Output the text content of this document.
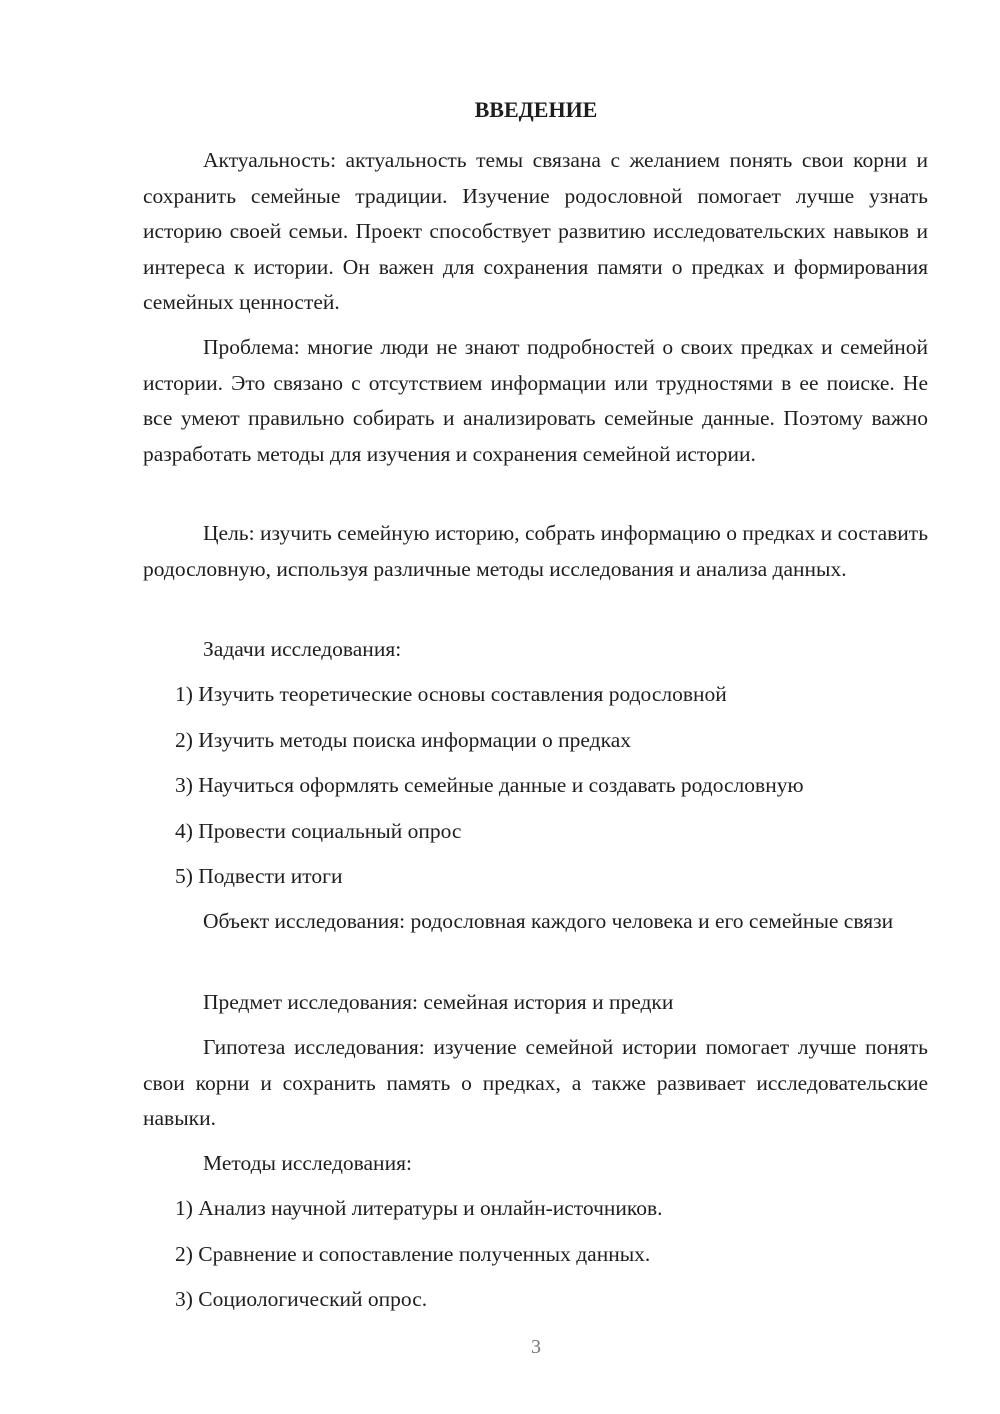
ВВЕДЕНИЕ

Актуальность: актуальность темы связана с желанием понять свои корни и сохранить семейные традиции. Изучение родословной помогает лучше узнать историю своей семьи. Проект способствует развитию исследовательских навыков и интереса к истории. Он важен для сохранения памяти о предках и формирования семейных ценностей.

Проблема: многие люди не знают подробностей о своих предках и семейной истории. Это связано с отсутствием информации или трудностями в ее поиске. Не все умеют правильно собирать и анализировать семейные данные. Поэтому важно разработать методы для изучения и сохранения семейной истории.

Цель: изучить семейную историю, собрать информацию о предках и составить родословную, используя различные методы исследования и анализа данных.

Задачи исследования:
1) Изучить теоретические основы составления родословной
2) Изучить методы поиска информации о предках
3) Научиться оформлять семейные данные и создавать родословную
4) Провести социальный опрос
5) Подвести итоги

Объект исследования: родословная каждого человека и его семейные связи

Предмет исследования: семейная история и предки

Гипотеза исследования: изучение семейной истории помогает лучше понять свои корни и сохранить память о предках, а также развивает исследовательские навыки.

Методы исследования:
1) Анализ научной литературы и онлайн-источников.
2) Сравнение и сопоставление полученных данных.
3) Социологический опрос.
3
